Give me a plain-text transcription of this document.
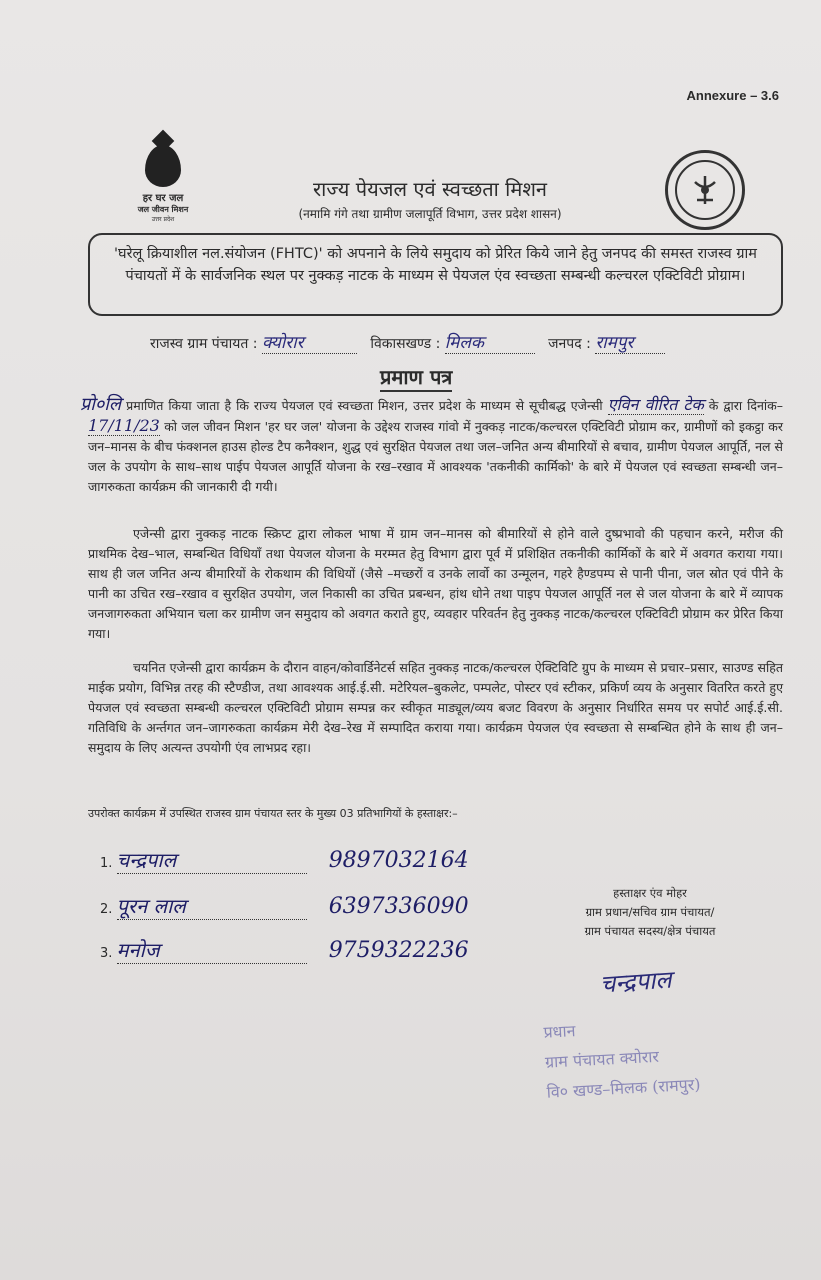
Annexure – 3.6
हर घर जल
जल जीवन मिशन
उत्तर प्रदेश
राज्य पेयजल एवं स्वच्छता मिशन
(नमामि गंगे तथा ग्रामीण जलापूर्ति विभाग, उत्तर प्रदेश शासन)
'घरेलू क्रियाशील नल.संयोजन (FHTC)' को अपनाने के लिये समुदाय को प्रेरित किये जाने हेतु जनपद की समस्त राजस्व ग्राम पंचायतों में के सार्वजनिक स्थल पर नुक्कड़ नाटक के माध्यम से पेयजल एंव स्वच्छता सम्बन्धी कल्चरल एक्टिविटी प्रोग्राम।
राजस्व ग्राम पंचायत : क्योरार	विकासखण्ड : मिलक	जनपद : रामपुर
प्रमाण पत्र
प्रो०लि प्रमाणित किया जाता है कि राज्य पेयजल एवं स्वच्छता मिशन, उत्तर प्रदेश के माध्यम से सूचीबद्ध एजेन्सी एविन वीरित टेक के द्वारा दिनांक– 17/11/23 को जल जीवन मिशन 'हर घर जल' योजना के उद्देश्य राजस्व गांवो में नुक्कड़ नाटक/कल्चरल एक्टिविटी प्रोग्राम कर, ग्रामीणों को इकट्ठा कर जन–मानस के बीच फंक्शनल हाउस होल्ड टैप कनैक्शन, शुद्ध एवं सुरक्षित पेयजल तथा जल–जनित अन्य बीमारियों से बचाव, ग्रामीण पेयजल आपूर्ति, नल से जल के उपयोग के साथ–साथ पाईप पेयजल आपूर्ति योजना के रख–रखाव में आवश्यक 'तकनीकी कार्मिको' के बारे में पेयजल एवं स्वच्छता सम्बन्धी जन–जागरुकता कार्यक्रम की जानकारी दी गयी।
एजेन्सी द्वारा नुक्कड़ नाटक स्क्रिप्ट द्वारा लोकल भाषा में ग्राम जन–मानस को बीमारियों से होने वाले दुष्प्रभावो की पहचान करने, मरीज की प्राथमिक देख–भाल, सम्बन्धित विधियाँ तथा पेयजल योजना के मरम्मत हेतु विभाग द्वारा पूर्व में प्रशिक्षित तकनीकी कार्मिकों के बारे में अवगत कराया गया। साथ ही जल जनित अन्य बीमारियों के रोकथाम की विधियों (जैसे –मच्छरों व उनके लार्वो का उन्मूलन, गहरे हैण्डपम्प से पानी पीना, जल स्रोत एवं पीने के पानी का उचित रख–रखाव व सुरक्षित उपयोग, जल निकासी का उचित प्रबन्धन, हांथ धोने तथा पाइप पेयजल आपूर्ति नल से जल योजना के बारे में व्यापक जनजागरुकता अभियान चला कर ग्रामीण जन समुदाय को अवगत कराते हुए, व्यवहार परिवर्तन हेतु नुक्कड़ नाटक/कल्चरल एक्टिविटी प्रोग्राम कर प्रेरित किया गया।
चयनित एजेन्सी द्वारा कार्यक्रम के दौरान वाहन/कोवार्डिनेटर्स सहित नुक्कड़ नाटक/कल्चरल ऐक्टिविटि ग्रुप के माध्यम से प्रचार–प्रसार, साउण्ड सहित माईक प्रयोग, विभिन्न तरह की स्टैण्डीज, तथा आवश्यक आई.ई.सी. मटेरियल–बुकलेट, पम्पलेट, पोस्टर एवं स्टीकर, प्रकिर्ण व्यय के अनुसार वितरित करते हुए पेयजल एवं स्वच्छता सम्बन्धी कल्चरल एक्टिविटी प्रोग्राम सम्पन्न कर स्वीकृत माड्यूल/व्यय बजट विवरण के अनुसार निर्धारित समय पर सपोर्ट आई.ई.सी. गतिविधि के अर्न्तगत जन–जागरुकता कार्यक्रम मेरी देख–रेख में सम्पादित कराया गया। कार्यक्रम पेयजल एंव स्वच्छता से सम्बन्धित होने के साथ ही जन–समुदाय के लिए अत्यन्त उपयोगी एंव लाभप्रद रहा।
उपरोक्त कार्यक्रम में उपस्थित राजस्व ग्राम पंचायत स्तर के मुख्य 03 प्रतिभागियों के हस्ताक्षर:–
1. चन्द्रपाल	9897032164
2. पूरन लाल	6397336090
3. मनोज	9759322236
हस्ताक्षर एंव मोहर
ग्राम प्रधान/सचिव ग्राम पंचायत/
ग्राम पंचायत सदस्य/क्षेत्र पंचायत
चन्द्रपाल
प्रधान
ग्राम पंचायत क्योरार
वि० खण्ड–मिलक (रामपुर)
